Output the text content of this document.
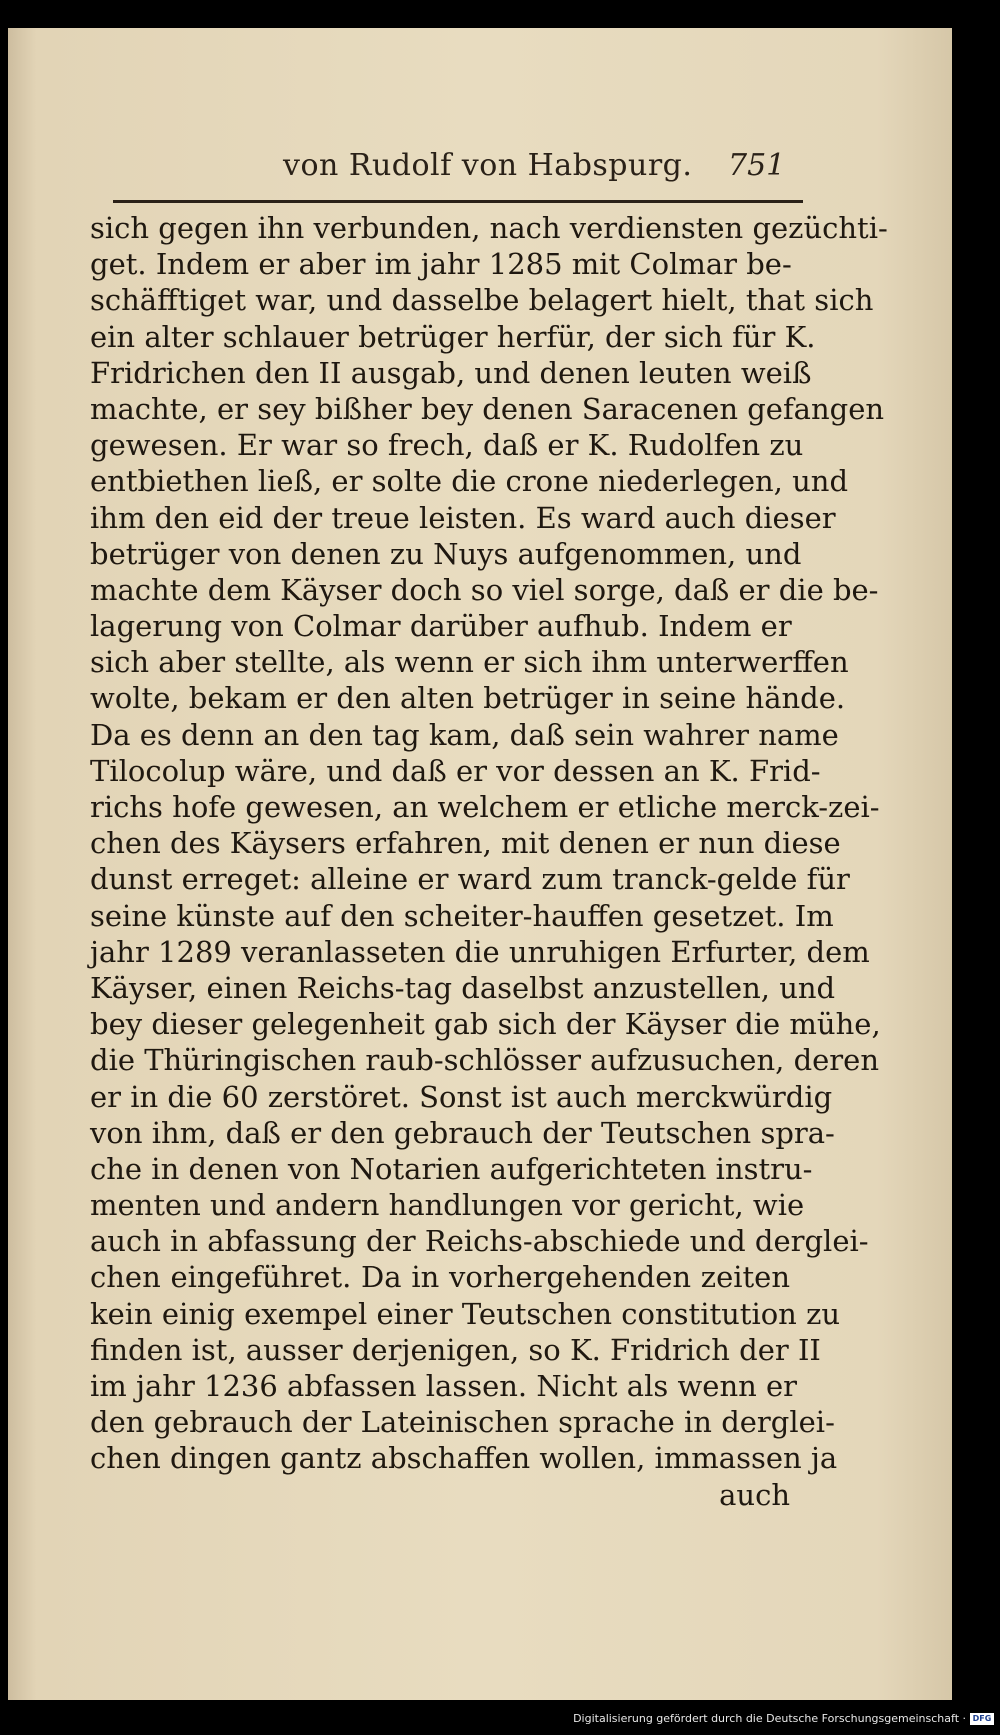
von Rudolf von Habspurg. 751
sich gegen ihn verbunden, nach verdiensten gezüchti-
get. Indem er aber im jahr 1285 mit Colmar be-
schäfftiget war, und dasselbe belagert hielt, that sich
ein alter schlauer betrüger herfür, der sich für K.
Fridrichen den II ausgab, und denen leuten weiß
machte, er sey bißher bey denen Saracenen gefangen
gewesen. Er war so frech, daß er K. Rudolfen zu
entbiethen ließ, er solte die crone niederlegen, und
ihm den eid der treue leisten. Es ward auch dieser
betrüger von denen zu Nuys aufgenommen, und
machte dem Käyser doch so viel sorge, daß er die be-
lagerung von Colmar darüber aufhub. Indem er
sich aber stellte, als wenn er sich ihm unterwerffen
wolte, bekam er den alten betrüger in seine hände.
Da es denn an den tag kam, daß sein wahrer name
Tilocolup wäre, und daß er vor dessen an K. Frid-
richs hofe gewesen, an welchem er etliche merck-zei-
chen des Käysers erfahren, mit denen er nun diese
dunst erreget: alleine er ward zum tranck-gelde für
seine künste auf den scheiter-hauffen gesetzet. Im
jahr 1289 veranlasseten die unruhigen Erfurter, dem
Käyser, einen Reichs-tag daselbst anzustellen, und
bey dieser gelegenheit gab sich der Käyser die mühe,
die Thüringischen raub-schlösser aufzusuchen, deren
er in die 60 zerstöret. Sonst ist auch merckwürdig
von ihm, daß er den gebrauch der Teutschen spra-
che in denen von Notarien aufgerichteten instru-
menten und andern handlungen vor gericht, wie
auch in abfassung der Reichs-abschiede und derglei-
chen eingeführet. Da in vorhergehenden zeiten
kein einig exempel einer Teutschen constitution zu
finden ist, ausser derjenigen, so K. Fridrich der II
im jahr 1236 abfassen lassen. Nicht als wenn er
den gebrauch der Lateinischen sprache in derglei-
chen dingen gantz abschaffen wollen, immassen ja
auch
Digitalisierung gefördert durch die Deutsche Forschungsgemeinschaft · DFG
